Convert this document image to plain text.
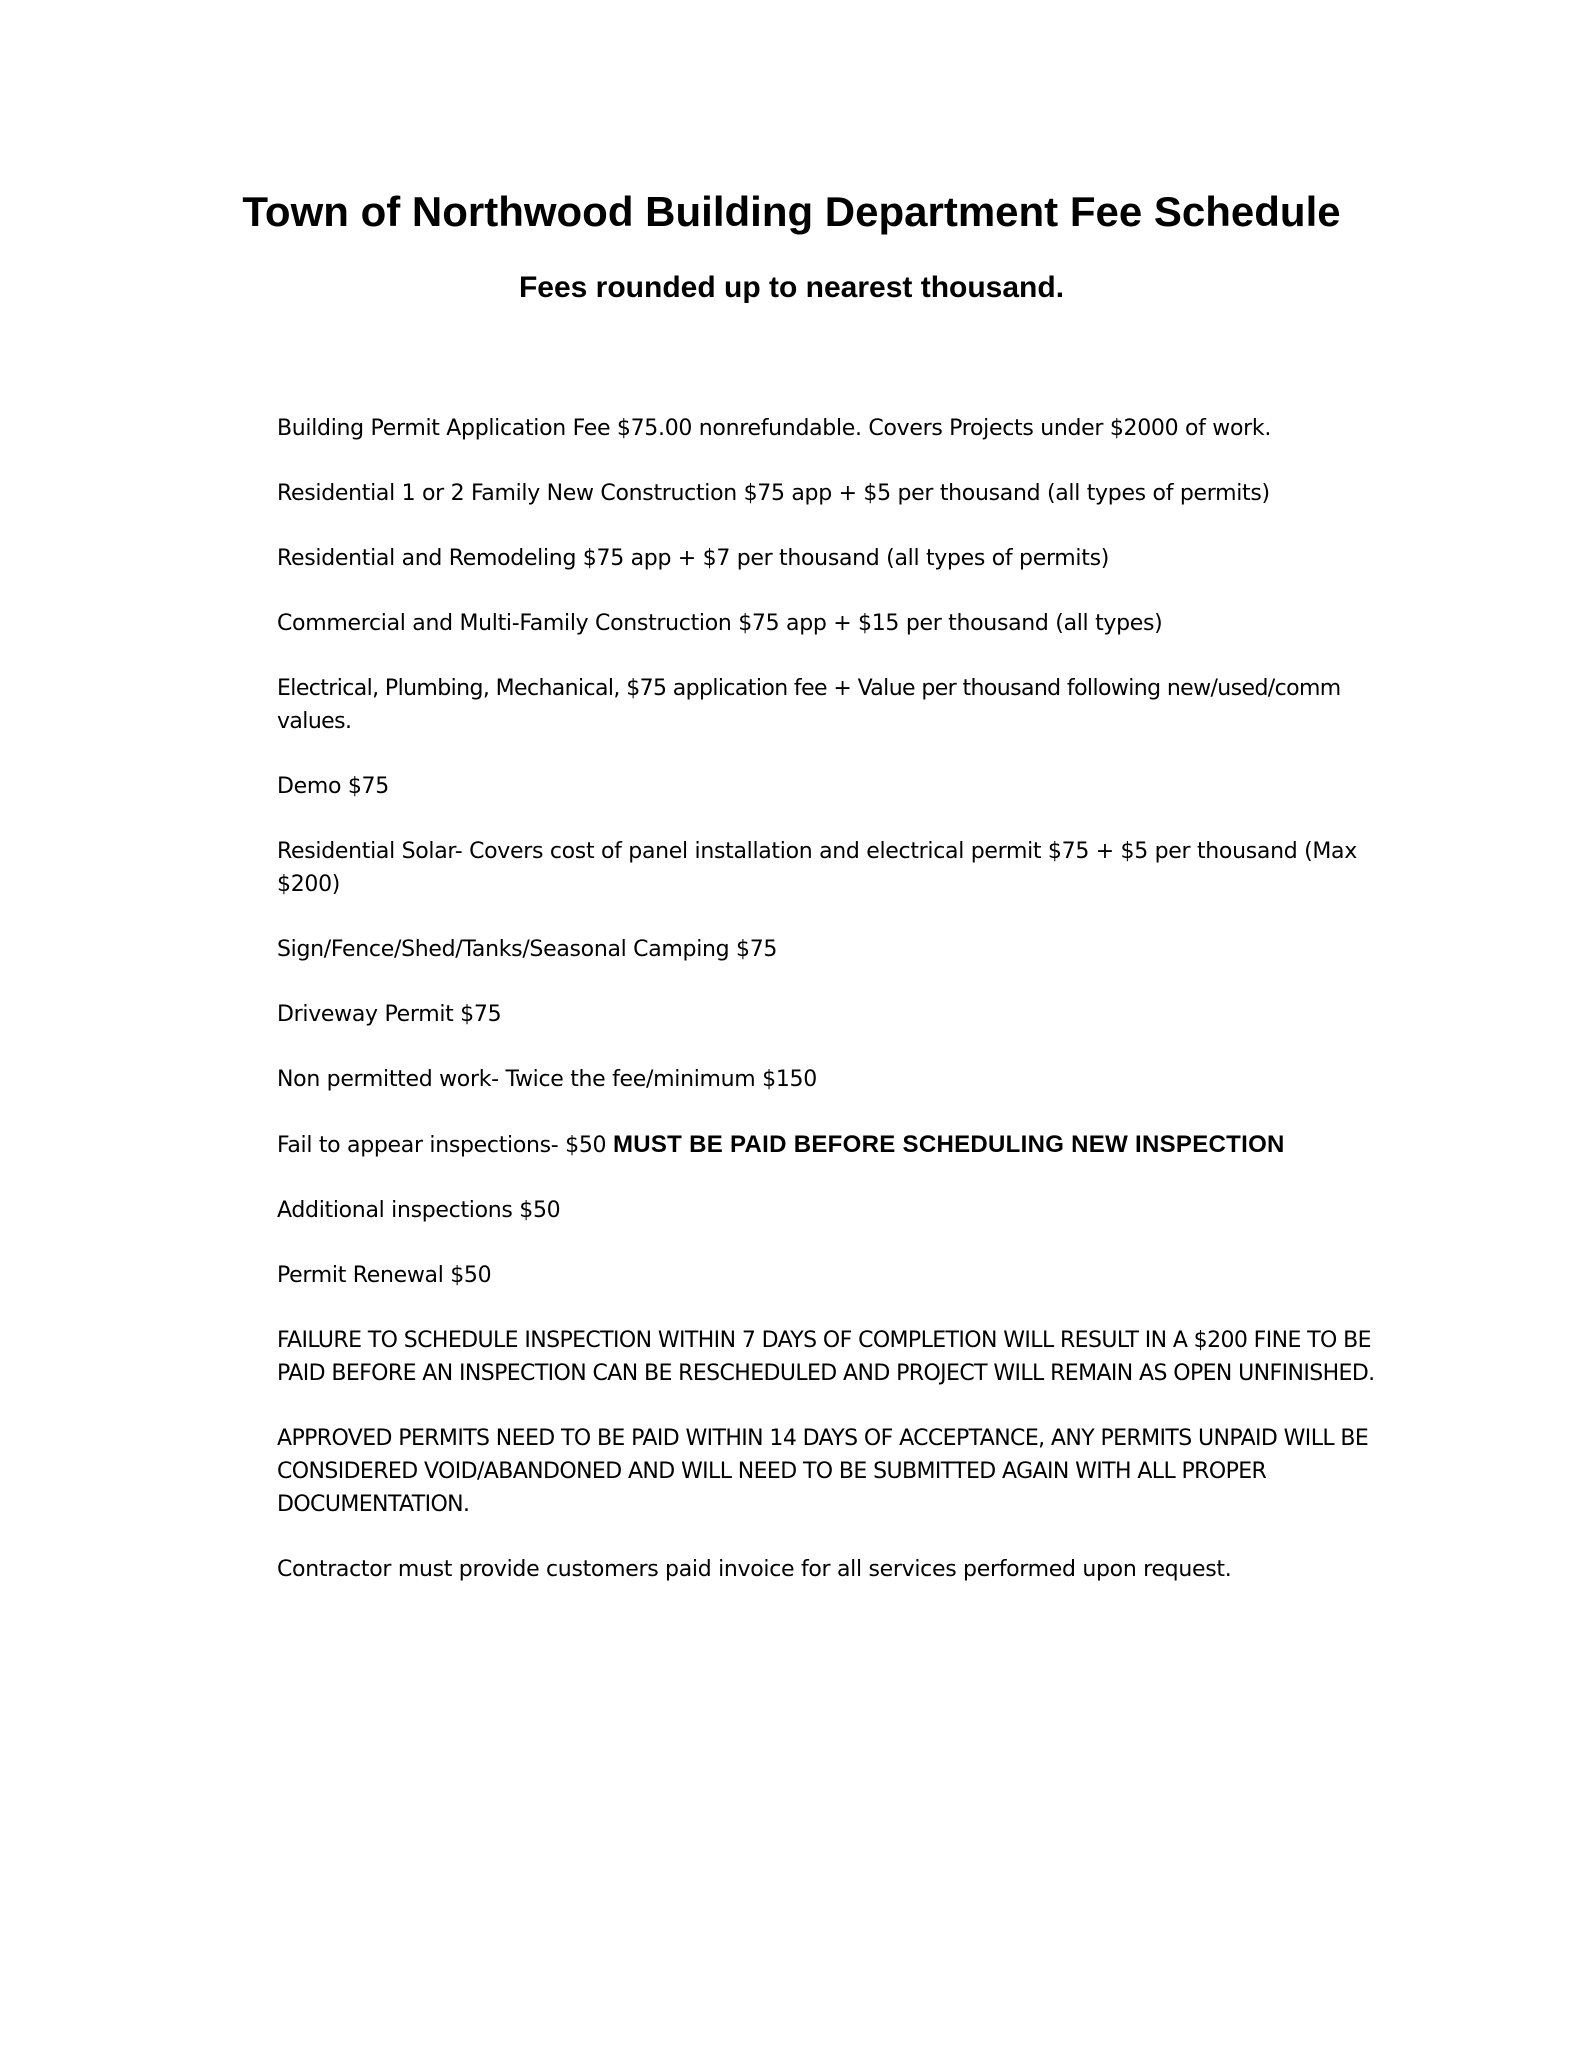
Town of Northwood Building Department Fee Schedule
Fees rounded up to nearest thousand.
Building Permit Application Fee $75.00 nonrefundable. Covers Projects under $2000 of work.
Residential 1 or 2 Family New Construction $75 app + $5 per thousand (all types of permits)
Residential and Remodeling $75 app + $7 per thousand (all types of permits)
Commercial and Multi-Family Construction $75 app + $15 per thousand (all types)
Electrical, Plumbing, Mechanical, $75 application fee + Value per thousand following new/used/comm values.
Demo $75
Residential Solar- Covers cost of panel installation and electrical permit $75 + $5 per thousand (Max $200)
Sign/Fence/Shed/Tanks/Seasonal Camping $75
Driveway Permit $75
Non permitted work- Twice the fee/minimum $150
Fail to appear inspections- $50 MUST BE PAID BEFORE SCHEDULING NEW INSPECTION
Additional inspections $50
Permit Renewal $50
FAILURE TO SCHEDULE INSPECTION WITHIN 7 DAYS OF COMPLETION WILL RESULT IN A $200 FINE TO BE PAID BEFORE AN INSPECTION CAN BE RESCHEDULED AND PROJECT WILL REMAIN AS OPEN UNFINISHED.
APPROVED PERMITS NEED TO BE PAID WITHIN 14 DAYS OF ACCEPTANCE, ANY PERMITS UNPAID WILL BE CONSIDERED VOID/ABANDONED AND WILL NEED TO BE SUBMITTED AGAIN WITH ALL PROPER DOCUMENTATION.
Contractor must provide customers paid invoice for all services performed upon request.
